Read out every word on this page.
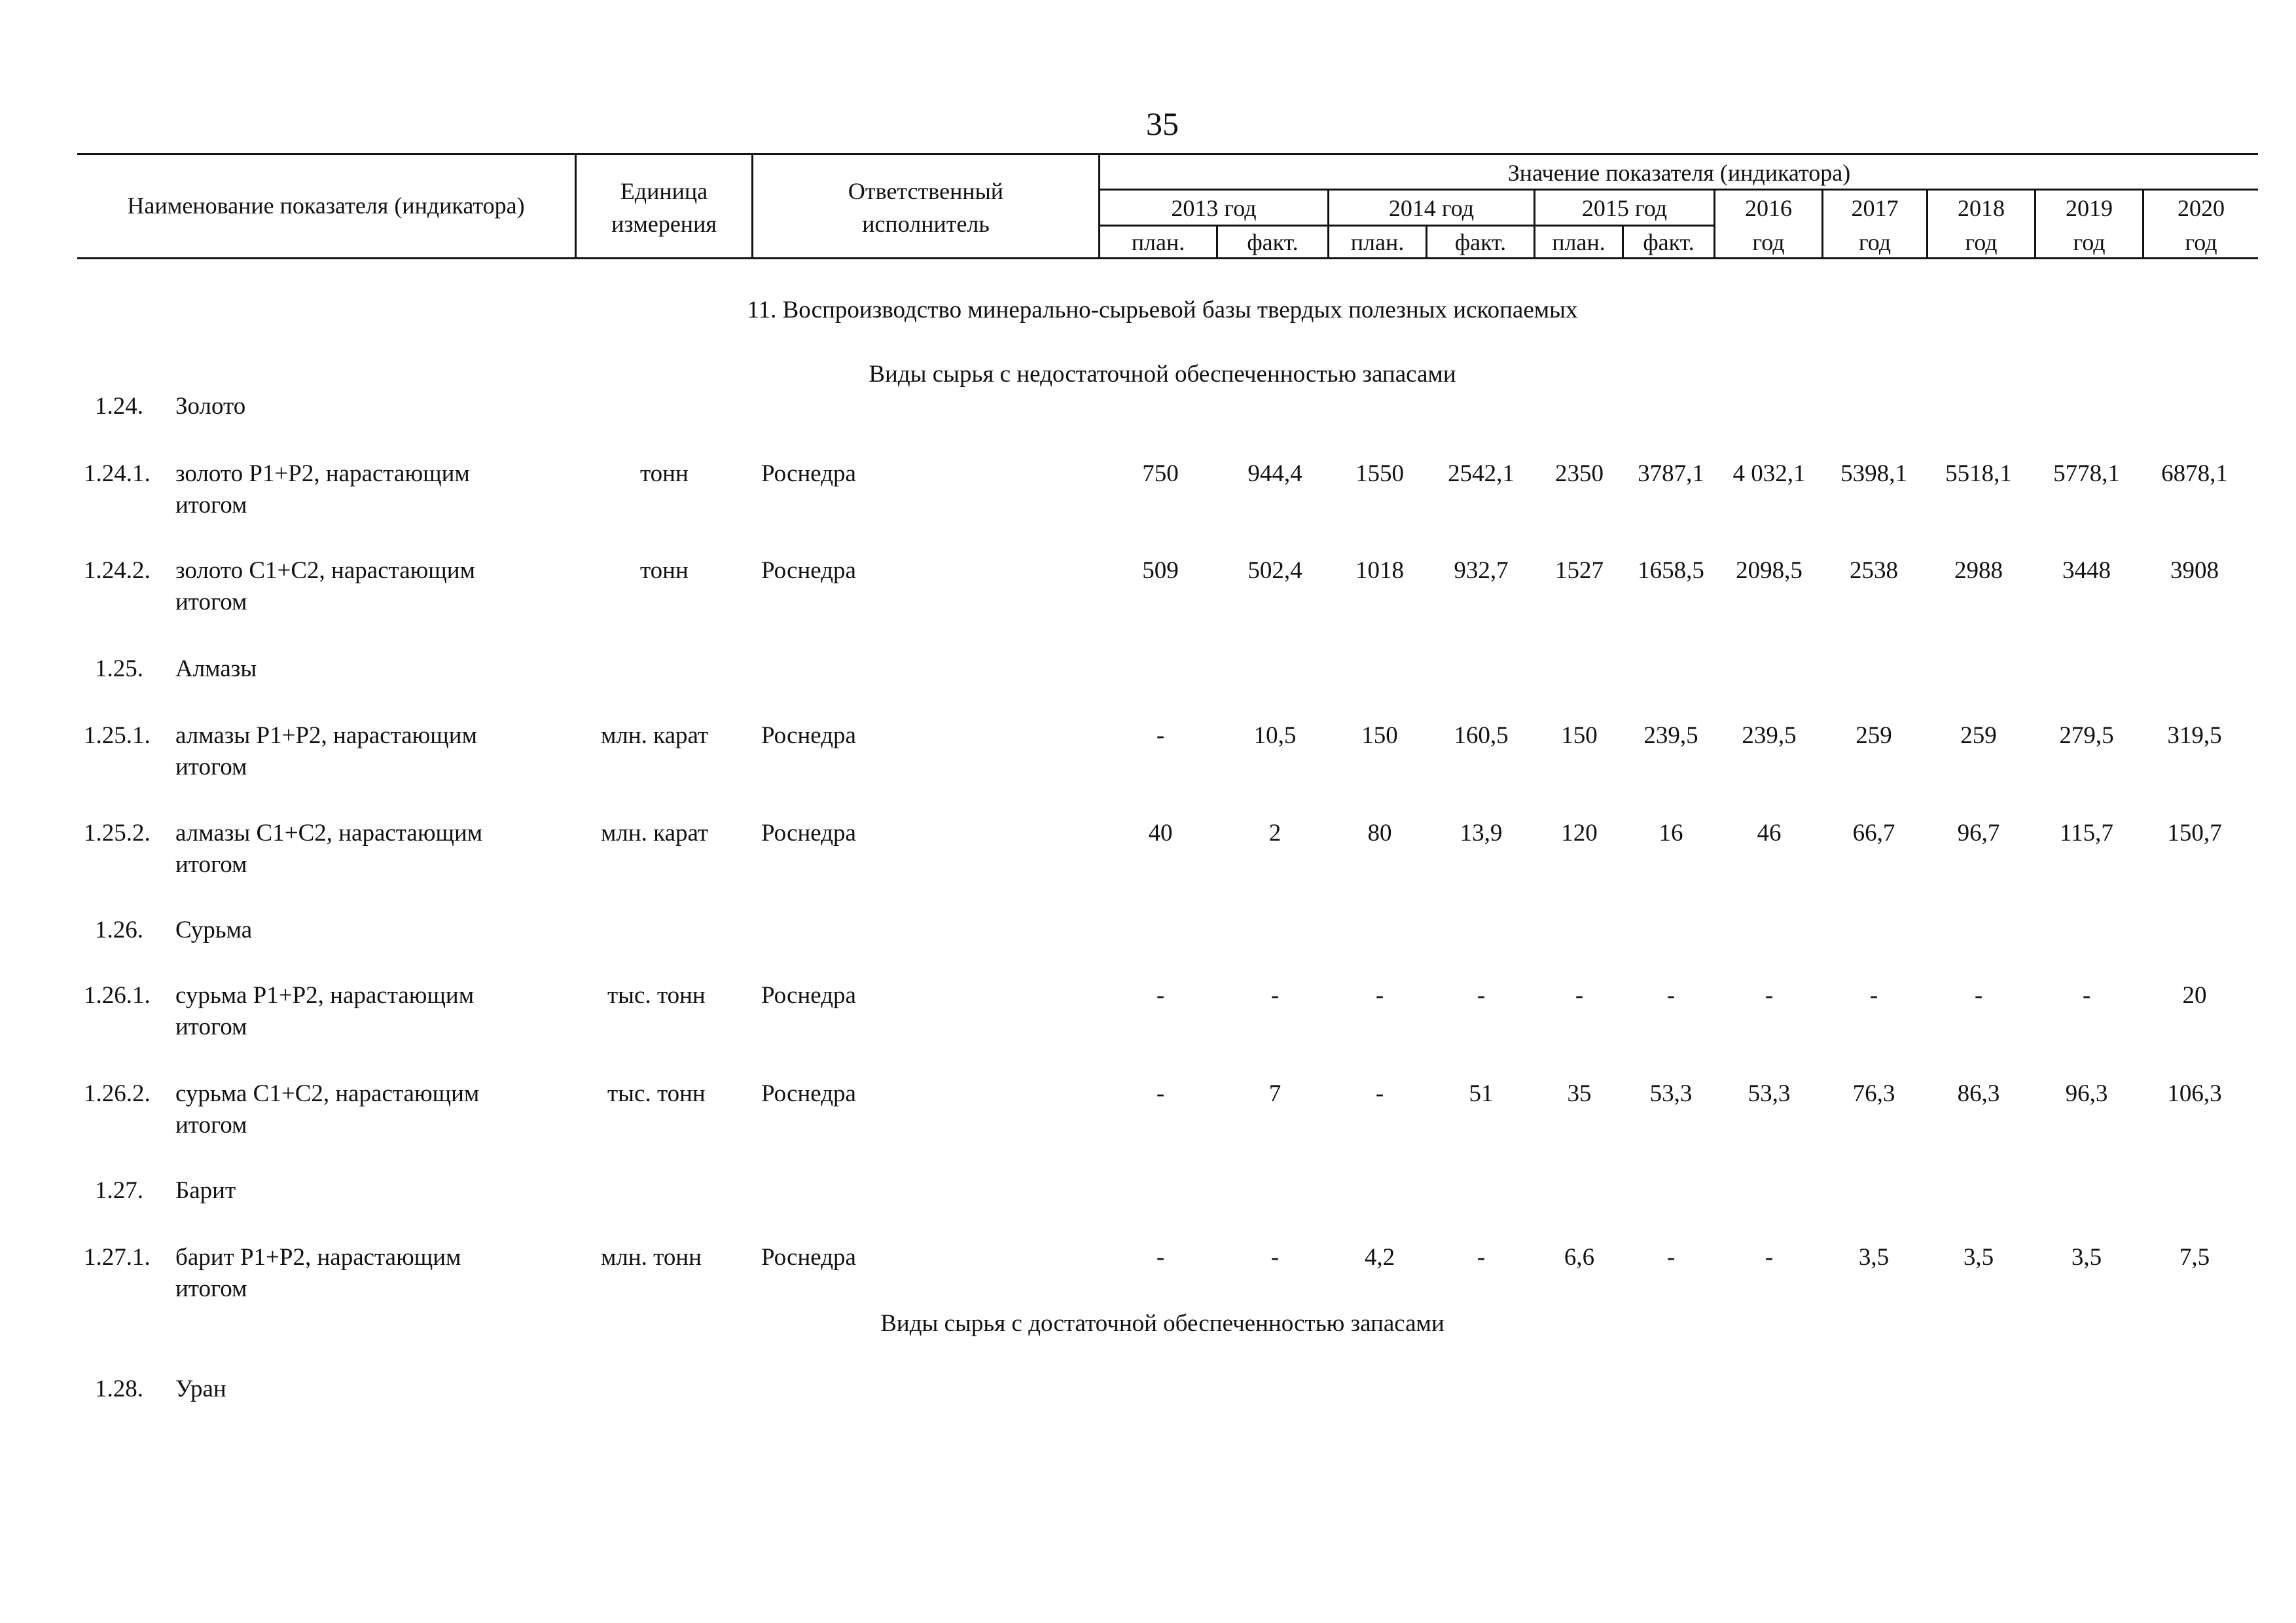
35
Наименование показателя (индикатора)
Единица
измерения
Ответственный
исполнитель
Значение показателя (индикатора)
2013 год	2014 год	2015 год	2016	2017	2018	2019	2020
план.	факт.	план.	факт.	план.	факт.	год	год	год	год	год
11. Воспроизводство минерально-сырьевой базы твердых полезных ископаемых
Виды сырья с недостаточной обеспеченностью запасами
1.24. Золото
1.24.1. золото Р1+Р2, нарастающим
итогом
тонн	Роснедра	750	944,4	1550	2542,1	2350	3787,1	4 032,1	5398,1	5518,1	5778,1	6878,1
1.24.2. золото С1+С2, нарастающим
итогом
тонн	Роснедра	509	502,4	1018	932,7	1527	1658,5	2098,5	2538	2988	3448	3908
1.25. Алмазы
1.25.1. алмазы Р1+Р2, нарастающим
итогом
млн. карат Роснедра	-	10,5	150	160,5	150	239,5	239,5	259	259	279,5	319,5
1.25.2. алмазы С1+С2, нарастающим
итогом
млн. карат Роснедра	40	2	80	13,9	120	16	46	66,7	96,7	115,7	150,7
1.26. Сурьма
1.26.1. сурьма Р1+Р2, нарастающим
итогом
тыс. тонн Роснедра	-	-	-	-	-	-	-	-	-	-	20
1.26.2. сурьма С1+С2, нарастающим
итогом
тыс. тонн Роснедра	-	7	-	51	35	53,3	53,3	76,3	86,3	96,3	106,3
1.27. Барит
1.27.1. барит Р1+Р2, нарастающим
итогом
млн. тонн Роснедра	-	-	4,2	-	6,6	-	-	3,5	3,5	3,5	7,5
Виды сырья с достаточной обеспеченностью запасами
1.28. Уран
